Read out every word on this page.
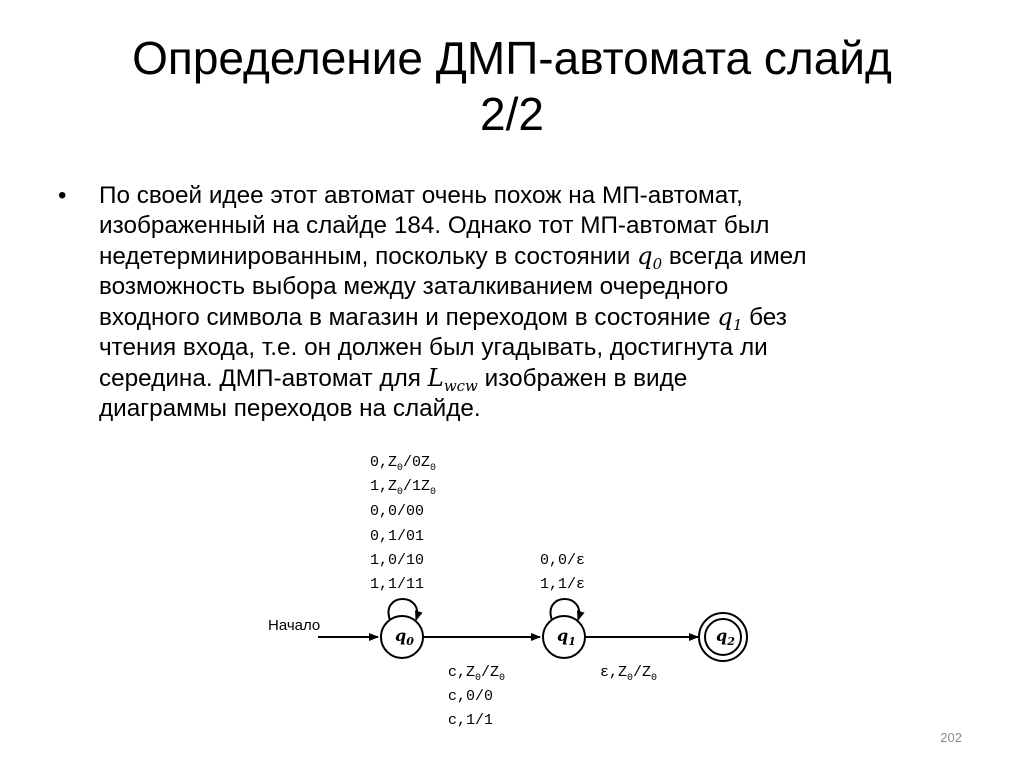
Определение ДМП-автомата слайд
2/2
• По своей идее этот автомат очень похож на МП-автомат,
изображенный на слайде 184. Однако тот МП-автомат был
недетерминированным, поскольку в состоянии $q_0$ всегда имел
возможность выбора между заталкиванием очередного
входного символа в магазин и переходом в состояние $q_1$ без
чтения входа, т.е. он должен был угадывать, достигнута ли
середина. ДМП-автомат для $L_{wcw}$ изображен в виде
диаграммы переходов на слайде.
$0,Z_0/0Z_0$
$1,Z_0/1Z_0$
0,0/00
0,1/01
1,0/10
1,1/11
0,0/ε
1,1/ε
Начало
$q_0$	$q_1$	$q_2$
$c,Z_0/Z_0$
c,0/0
c,1/1
$\varepsilon,Z_0/Z_0$
202
